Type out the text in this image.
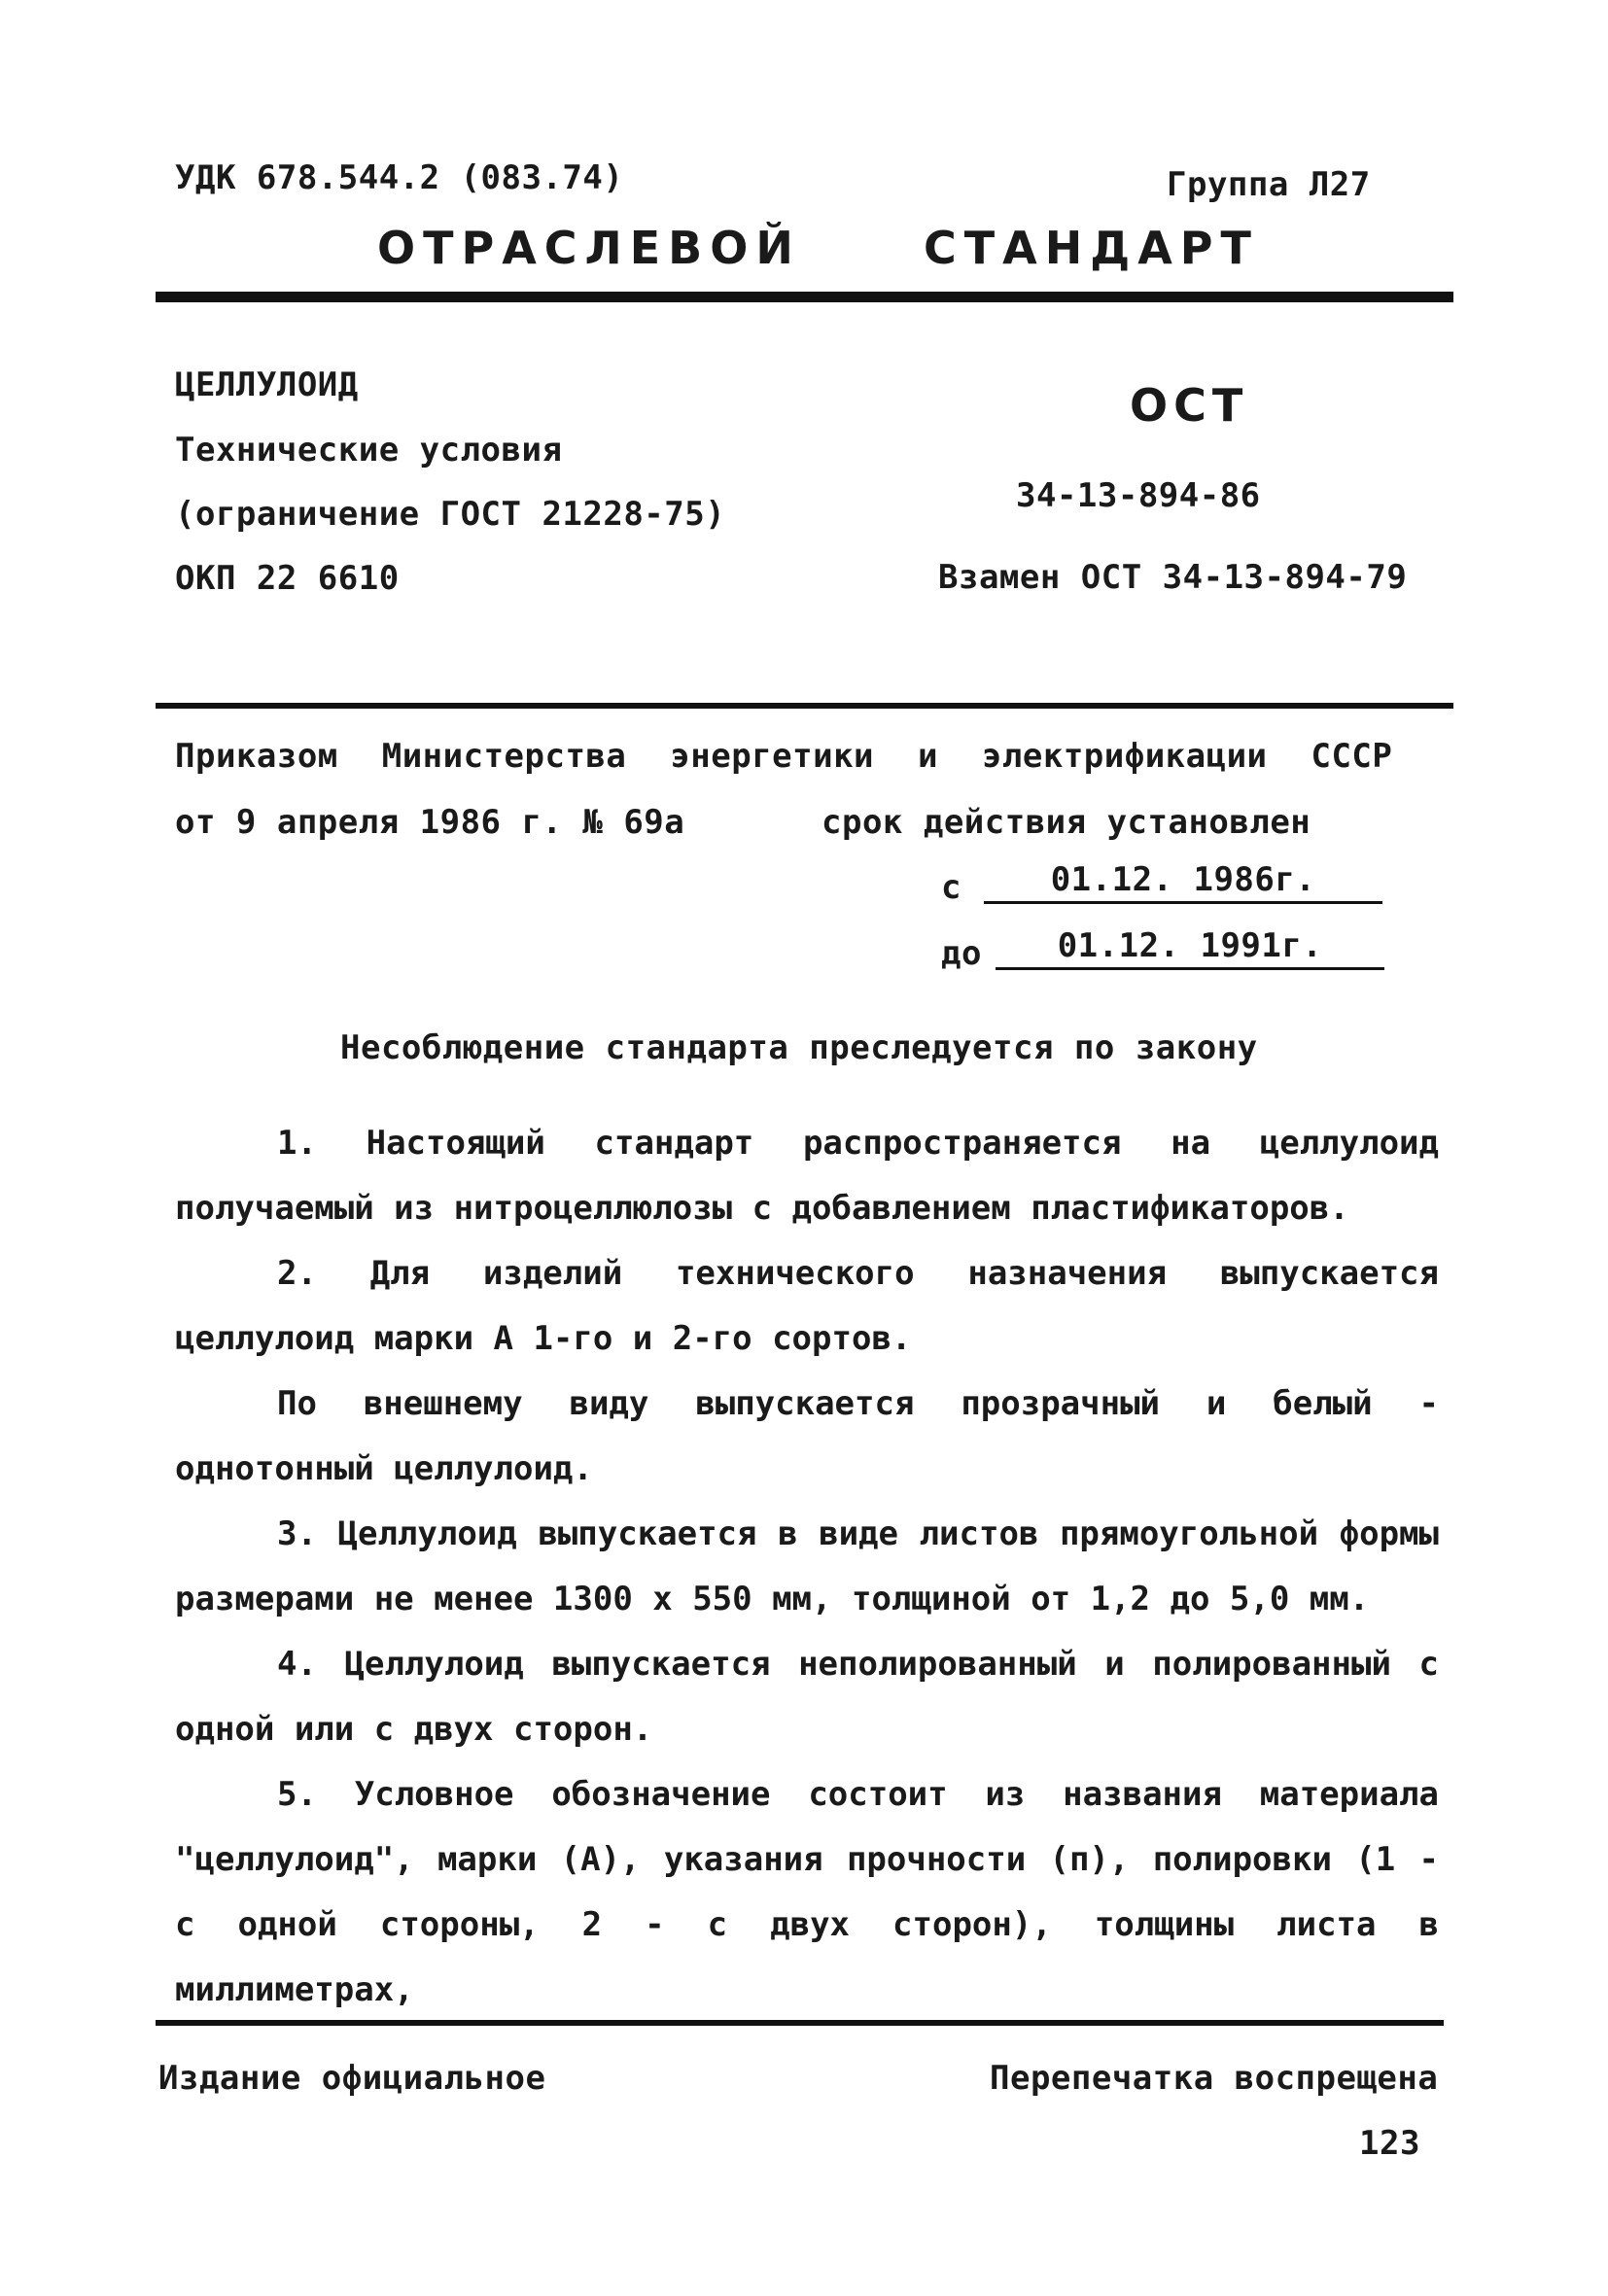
УДК 678.544.2 (083.74)	Группа Л27
ОТРАСЛЕВОЙ	СТАНДАРТ
ЦЕЛЛУЛОИД
Технические условия
(ограничение ГОСТ 21228-75)
ОКП 22 6610
ОСТ
34-13-894-86
Взамен ОСТ 34-13-894-79
Приказом Министерства энергетики и электрификации СССР
от 9 апреля 1986 г. № 69а	срок действия установлен
с	01.12. 1986г.
до	01.12. 1991г.
Несоблюдение стандарта преследуется по закону
1. Настоящий стандарт распространяется на целлулоид получаемый из нитроцеллюлозы с добавлением пластификаторов.
2. Для изделий технического назначения выпускается целлулоид марки А 1-го и 2-го сортов.
По внешнему виду выпускается прозрачный и белый - однотонный целлулоид.
3. Целлулоид выпускается в виде листов прямоугольной формы размерами не менее 1300 х 550 мм, толщиной от 1,2 до 5,0 мм.
4. Целлулоид выпускается неполированный и полированный с одной или с двух сторон.
5. Условное обозначение состоит из названия материала "целлулоид", марки (А), указания прочности (п), полировки (1 - с одной стороны, 2 - с двух сторон), толщины листа в миллиметрах,
Издание официальное	Перепечатка воспрещена
123
